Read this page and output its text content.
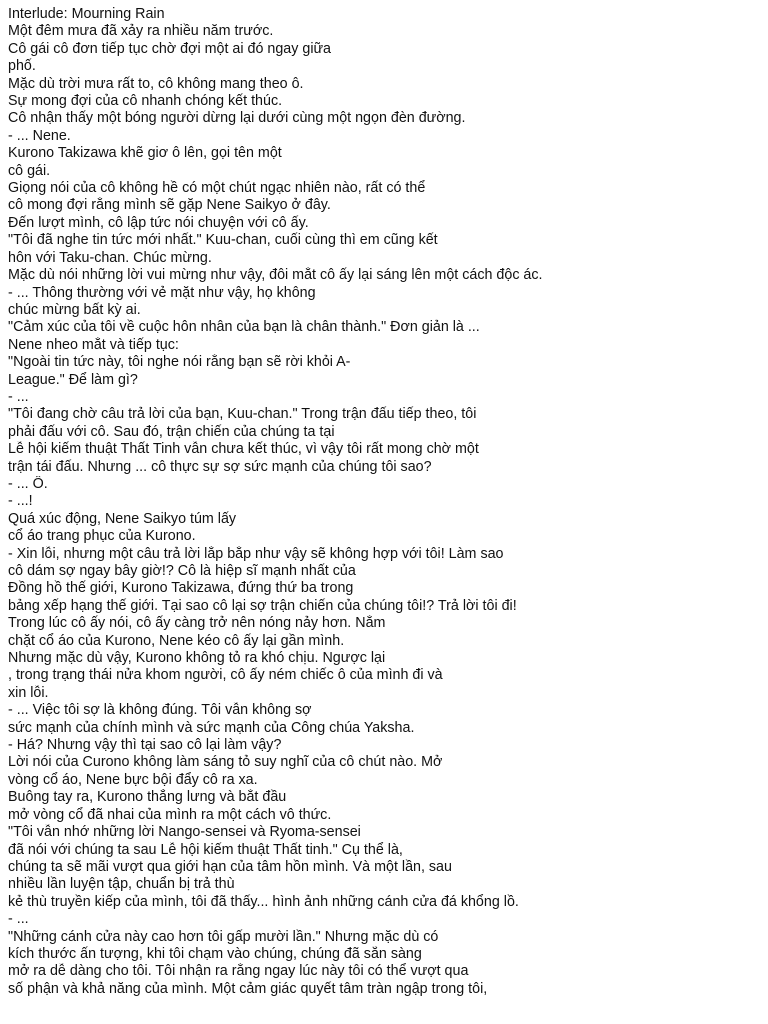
Interlude: Mourning Rain
Một đêm mưa đã xảy ra nhiều năm trước.
Cô gái cô đơn tiếp tục chờ đợi một ai đó ngay giữa
phố.
Mặc dù trời mưa rất to, cô không mang theo ô.
Sự mong đợi của cô nhanh chóng kết thúc.
Cô nhận thấy một bóng người dừng lại dưới cùng một ngọn đèn đường.
- ... Nene.
Kurono Takizawa khẽ giơ ô lên, gọi tên một
cô gái.
Giọng nói của cô không hề có một chút ngạc nhiên nào, rất có thể
cô mong đợi rằng mình sẽ gặp Nene Saikyo ở đây.
Đến lượt mình, cô lập tức nói chuyện với cô ấy.
"Tôi đã nghe tin tức mới nhất." Kuu-chan, cuối cùng thì em cũng kết
hôn với Taku-chan. Chúc mừng.
Mặc dù nói những lời vui mừng như vậy, đôi mắt cô ấy lại sáng lên một cách độc ác.
- ... Thông thường với vẻ mặt như vậy, họ không
chúc mừng bất kỳ ai.
"Cảm xúc của tôi về cuộc hôn nhân của bạn là chân thành." Đơn giản là ...
Nene nheo mắt và tiếp tục:
"Ngoài tin tức này, tôi nghe nói rằng bạn sẽ rời khỏi A-
League." Để làm gì?
- ...
"Tôi đang chờ câu trả lời của bạn, Kuu-chan." Trong trận đấu tiếp theo, tôi
phải đấu với cô. Sau đó, trận chiến của chúng ta tại
Lễ hội kiếm thuật Thất Tinh vẫn chưa kết thúc, vì vậy tôi rất mong chờ một
trận tái đấu. Nhưng ... cô thực sự sợ sức mạnh của chúng tôi sao?
- ... Ồ.
- ...!
Quá xúc động, Nene Saikyo túm lấy
cổ áo trang phục của Kurono.
- Xin lỗi, nhưng một câu trả lời lắp bắp như vậy sẽ không hợp với tôi! Làm sao
cô dám sợ ngay bây giờ!? Cô là hiệp sĩ mạnh nhất của
Đồng hồ thế giới, Kurono Takizawa, đứng thứ ba trong
bảng xếp hạng thế giới. Tại sao cô lại sợ trận chiến của chúng tôi!? Trả lời tôi đi!
Trong lúc cô ấy nói, cô ấy càng trở nên nóng nảy hơn. Nắm
chặt cổ áo của Kurono, Nene kéo cô ấy lại gần mình.
Nhưng mặc dù vậy, Kurono không tỏ ra khó chịu. Ngược lại
, trong trạng thái nửa khom người, cô ấy ném chiếc ô của mình đi và
xin lỗi.
- ... Việc tôi sợ là không đúng. Tôi vẫn không sợ
sức mạnh của chính mình và sức mạnh của Công chúa Yaksha.
- Há? Nhưng vậy thì tại sao cô lại làm vậy?
Lời nói của Curono không làm sáng tỏ suy nghĩ của cô chút nào. Mở
vòng cổ áo, Nene bực bội đẩy cô ra xa.
Buông tay ra, Kurono thẳng lưng và bắt đầu
mở vòng cổ đã nhai của mình ra một cách vô thức.
"Tôi vẫn nhớ những lời Nango-sensei và Ryoma-sensei
đã nói với chúng ta sau Lễ hội kiếm thuật Thất tinh." Cụ thể là,
chúng ta sẽ mãi vượt qua giới hạn của tâm hồn mình. Và một lần, sau
nhiều lần luyện tập, chuẩn bị trả thù
kẻ thù truyền kiếp của mình, tôi đã thấy... hình ảnh những cánh cửa đá khổng lồ.
- ...
"Những cánh cửa này cao hơn tôi gấp mười lần." Nhưng mặc dù có
kích thước ấn tượng, khi tôi chạm vào chúng, chúng đã sẵn sàng
mở ra dễ dàng cho tôi. Tôi nhận ra rằng ngay lúc này tôi có thể vượt qua
số phận và khả năng của mình. Một cảm giác quyết tâm tràn ngập trong tôi,
